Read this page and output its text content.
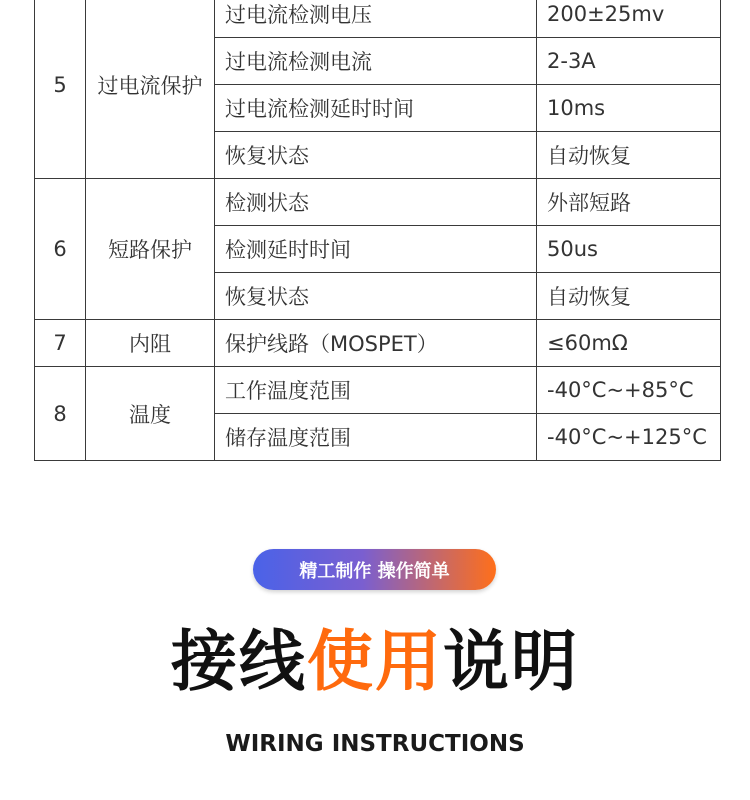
5	过电流保护	过电流检测电压	200±25mv
		过电流检测电流	2-3A
		过电流检测延时时间	10ms
		恢复状态	自动恢复
6	短路保护	检测状态	外部短路
		检测延时时间	50us
		恢复状态	自动恢复
7	内阻	保护线路（MOSPET）	≤60mΩ
8	温度	工作温度范围	-40°C~+85°C
		储存温度范围	-40°C~+125°C
精工制作 操作简单
接线使用说明
WIRING INSTRUCTIONS
